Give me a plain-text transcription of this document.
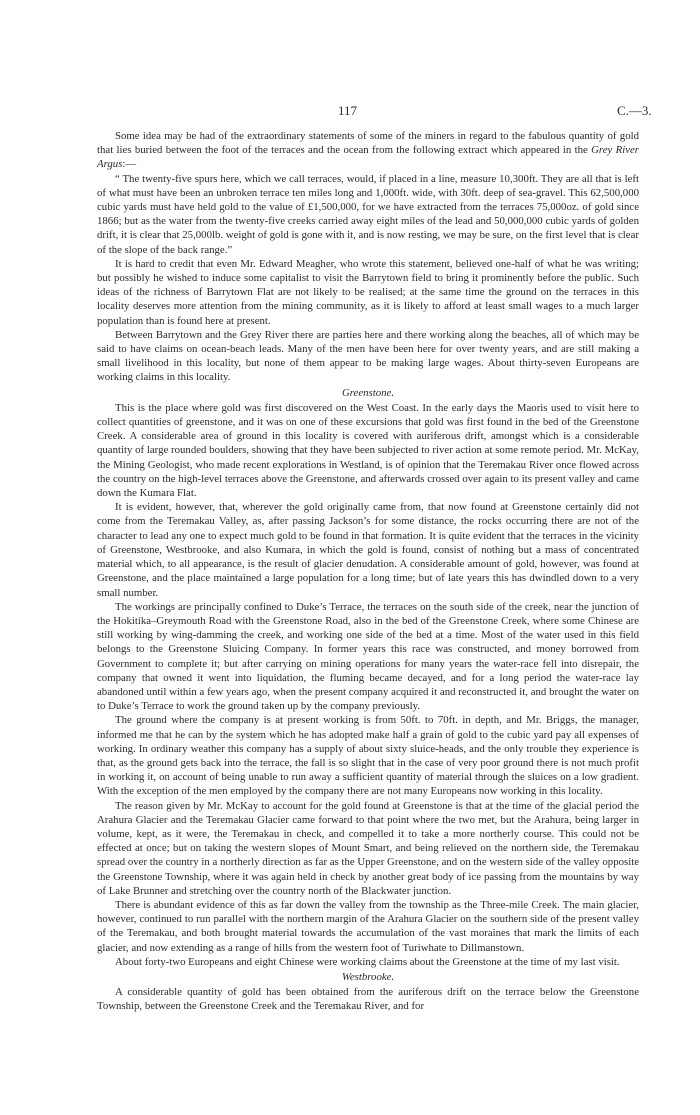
117	C.—3.

Some idea may be had of the extraordinary statements of some of the miners in regard to the fabulous quantity of gold that lies buried between the foot of the terraces and the ocean from the following extract which appeared in the Grey River Argus:—

“ The twenty-five spurs here, which we call terraces, would, if placed in a line, measure 10,300ft. They are all that is left of what must have been an unbroken terrace ten miles long and 1,000ft. wide, with 30ft. deep of sea-gravel. This 62,500,000 cubic yards must have held gold to the value of £1,500,000, for we have extracted from the terraces 75,000oz. of gold since 1866; but as the water from the twenty-five creeks carried away eight miles of the lead and 50,000,000 cubic yards of golden drift, it is clear that 25,000lb. weight of gold is gone with it, and is now resting, we may be sure, on the first level that is clear of the slope of the back range.”

It is hard to credit that even Mr. Edward Meagher, who wrote this statement, believed one-half of what he was writing; but possibly he wished to induce some capitalist to visit the Barrytown field to bring it prominently before the public. Such ideas of the richness of Barrytown Flat are not likely to be realised; at the same time the ground on the terraces in this locality deserves more attention from the mining community, as it is likely to afford at least small wages to a much larger population than is found here at present.

Between Barrytown and the Grey River there are parties here and there working along the beaches, all of which may be said to have claims on ocean-beach leads. Many of the men have been here for over twenty years, and are still making a small livelihood in this locality, but none of them appear to be making large wages. About thirty-seven Europeans are working claims in this locality.

Greenstone.

This is the place where gold was first discovered on the West Coast. In the early days the Maoris used to visit here to collect quantities of greenstone, and it was on one of these excursions that gold was first found in the bed of the Greenstone Creek. A considerable area of ground in this locality is covered with auriferous drift, amongst which is a considerable quantity of large rounded boulders, showing that they have been subjected to river action at some remote period. Mr. McKay, the Mining Geologist, who made recent explorations in Westland, is of opinion that the Teremakau River once flowed across the country on the high-level terraces above the Greenstone, and afterwards crossed over again to its present valley and came down the Kumara Flat.

It is evident, however, that, wherever the gold originally came from, that now found at Greenstone certainly did not come from the Teremakau Valley, as, after passing Jackson’s for some distance, the rocks occurring there are not of the character to lead any one to expect much gold to be found in that formation. It is quite evident that the terraces in the vicinity of Greenstone, Westbrooke, and also Kumara, in which the gold is found, consist of nothing but a mass of concentrated material which, to all appearance, is the result of glacier denudation. A considerable amount of gold, however, was found at Greenstone, and the place maintained a large population for a long time; but of late years this has dwindled down to a very small number.

The workings are principally confined to Duke’s Terrace, the terraces on the south side of the creek, near the junction of the Hokitika–Greymouth Road with the Greenstone Road, also in the bed of the Greenstone Creek, where some Chinese are still working by wing-damming the creek, and working one side of the bed at a time. Most of the water used in this field belongs to the Greenstone Sluicing Company. In former years this race was constructed, and money borrowed from Government to complete it; but after carrying on mining operations for many years the water-race fell into disrepair, the company that owned it went into liquidation, the fluming became decayed, and for a long period the water-race lay abandoned until within a few years ago, when the present company acquired it and reconstructed it, and brought the water on to Duke’s Terrace to work the ground taken up by the company previously.

The ground where the company is at present working is from 50ft. to 70ft. in depth, and Mr. Briggs, the manager, informed me that he can by the system which he has adopted make half a grain of gold to the cubic yard pay all expenses of working. In ordinary weather this company has a supply of about sixty sluice-heads, and the only trouble they experience is that, as the ground gets back into the terrace, the fall is so slight that in the case of very poor ground there is not much profit in working it, on account of being unable to run away a sufficient quantity of material through the sluices on a low gradient. With the exception of the men employed by the company there are not many Europeans now working in this locality.

The reason given by Mr. McKay to account for the gold found at Greenstone is that at the time of the glacial period the Arahura Glacier and the Teremakau Glacier came forward to that point where the two met, but the Arahura, being larger in volume, kept, as it were, the Teremakau in check, and compelled it to take a more northerly course. This could not be effected at once; but on taking the western slopes of Mount Smart, and being relieved on the northern side, the Teremakau spread over the country in a northerly direction as far as the Upper Greenstone, and on the western side of the valley opposite the Greenstone Township, where it was again held in check by another great body of ice passing from the mountains by way of Lake Brunner and stretching over the country north of the Blackwater junction.

There is abundant evidence of this as far down the valley from the township as the Three-mile Creek. The main glacier, however, continued to run parallel with the northern margin of the Arahura Glacier on the southern side of the present valley of the Teremakau, and both brought material towards the accumulation of the vast moraines that mark the limits of each glacier, and now extending as a range of hills from the western foot of Turiwhate to Dillmanstown.

About forty-two Europeans and eight Chinese were working claims about the Greenstone at the time of my last visit.

Westbrooke.

A considerable quantity of gold has been obtained from the auriferous drift on the terrace below the Greenstone Township, between the Greenstone Creek and the Teremakau River, and for
